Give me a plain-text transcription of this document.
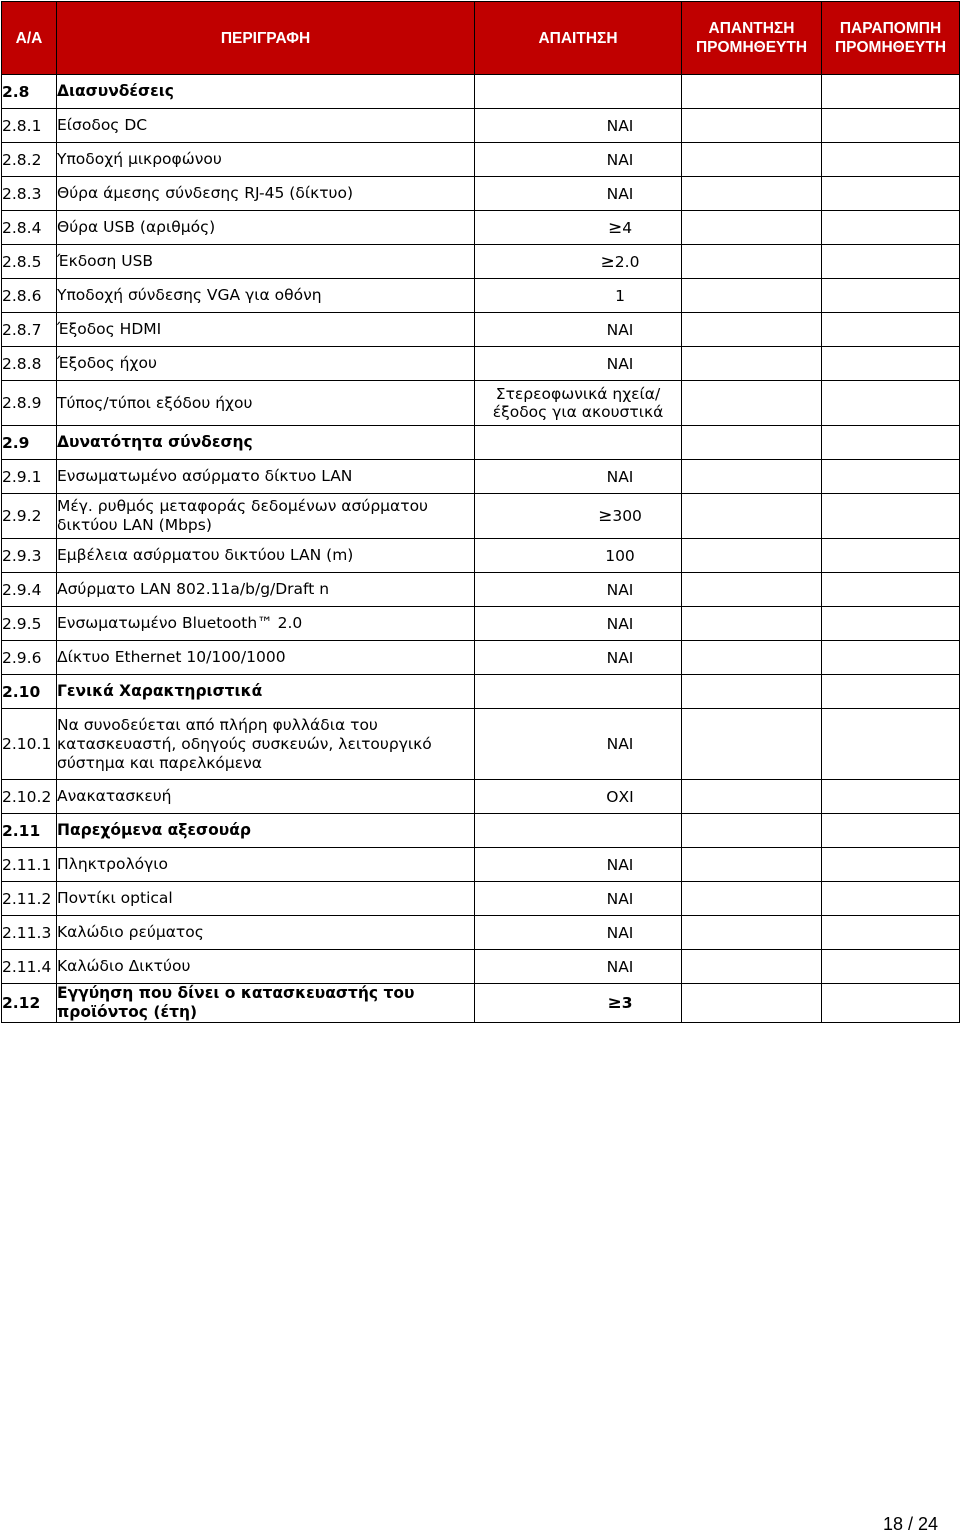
Α/Α	ΠΕΡΙΓΡΑΦΗ	ΑΠΑΙΤΗΣΗ	ΑΠΑΝΤΗΣΗ ΠΡΟΜΗΘΕΥΤΗ	ΠΑΡΑΠΟΜΠΗ ΠΡΟΜΗΘΕΥΤΗ
2.8	Διασυνδέσεις			
2.8.1	Είσοδος DC	ΝΑΙ		
2.8.2	Υποδοχή μικροφώνου	ΝΑΙ		
2.8.3	Θύρα άμεσης σύνδεσης RJ-45 (δίκτυο)	ΝΑΙ		
2.8.4	Θύρα USB (αριθμός)	≥4		
2.8.5	Έκδοση USB	≥2.0		
2.8.6	Υποδοχή σύνδεσης VGA για οθόνη	1		
2.8.7	Έξοδος HDMI	ΝΑΙ		
2.8.8	Έξοδος ήχου	ΝΑΙ		
2.8.9	Τύπος/τύποι εξόδου ήχου	Στερεοφωνικά ηχεία/έξοδος για ακουστικά		
2.9	Δυνατότητα σύνδεσης			
2.9.1	Ενσωματωμένο ασύρματο δίκτυο LAN	ΝΑΙ		
2.9.2	Μέγ. ρυθμός μεταφοράς δεδομένων ασύρματου δικτύου LAN (Mbps)	≥300		
2.9.3	Εμβέλεια ασύρματου δικτύου LAN (m)	100		
2.9.4	Ασύρματο LAN 802.11a/b/g/Draft n	ΝΑΙ		
2.9.5	Ενσωματωμένο Bluetooth™ 2.0	ΝΑΙ		
2.9.6	Δίκτυο Ethernet 10/100/1000	ΝΑΙ		
2.10	Γενικά Χαρακτηριστικά			
2.10.1	Να συνοδεύεται από πλήρη φυλλάδια του κατασκευαστή, οδηγούς συσκευών, λειτουργικό σύστημα και παρελκόμενα	ΝΑΙ		
2.10.2	Ανακατασκευή	ΟΧΙ		
2.11	Παρεχόμενα αξεσουάρ			
2.11.1	Πληκτρολόγιο	ΝΑΙ		
2.11.2	Ποντίκι optical	ΝΑΙ		
2.11.3	Καλώδιο ρεύματος	ΝΑΙ		
2.11.4	Καλώδιο Δικτύου	ΝΑΙ		
2.12	Εγγύηση που δίνει ο κατασκευαστής του προϊόντος (έτη)	≥3		
18 / 24
